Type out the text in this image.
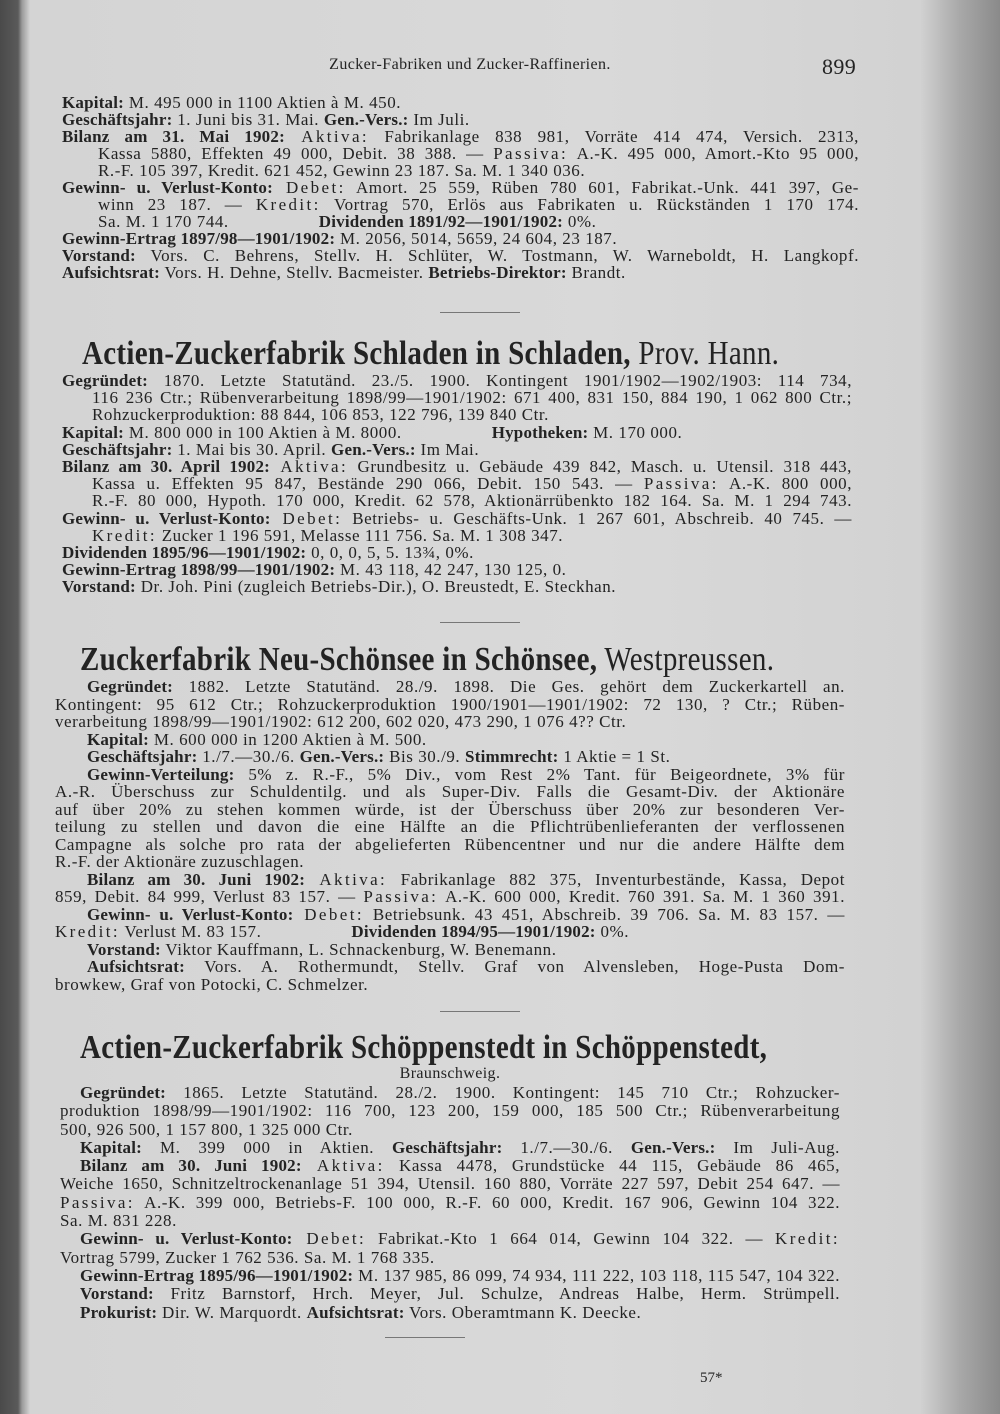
Zucker-Fabriken und Zucker-Raffinerien.	899
Kapital: M. 495 000 in 1100 Aktien à M. 450.
Geschäftsjahr: 1. Juni bis 31. Mai. Gen.-Vers.: Im Juli.
Bilanz am 31. Mai 1902: Aktiva: Fabrikanlage 838 981, Vorräte 414 474, Versich. 2313,
Kassa 5880, Effekten 49 000, Debit. 38 388. — Passiva: A.-K. 495 000, Amort.-Kto 95 000,
R.-F. 105 397, Kredit. 621 452, Gewinn 23 187. Sa. M. 1 340 036.
Gewinn- u. Verlust-Konto: Debet: Amort. 25 559, Rüben 780 601, Fabrikat.-Unk. 441 397, Ge-
winn 23 187. — Kredit: Vortrag 570, Erlös aus Fabrikaten u. Rückständen 1 170 174.
Sa. M. 1 170 744.	Dividenden 1891/92—1901/1902: 0%.
Gewinn-Ertrag 1897/98—1901/1902: M. 2056, 5014, 5659, 24 604, 23 187.
Vorstand: Vors. C. Behrens, Stellv. H. Schlüter, W. Tostmann, W. Warneboldt, H. Langkopf.
Aufsichtsrat: Vors. H. Dehne, Stellv. Bacmeister. Betriebs-Direktor: Brandt.
Actien-Zuckerfabrik Schladen in Schladen, Prov. Hann.
Gegründet: 1870. Letzte Statutänd. 23./5. 1900. Kontingent 1901/1902—1902/1903: 114 734,
116 236 Ctr.; Rübenverarbeitung 1898/99—1901/1902: 671 400, 831 150, 884 190, 1 062 800 Ctr.;
Rohzuckerproduktion: 88 844, 106 853, 122 796, 139 840 Ctr.
Kapital: M. 800 000 in 100 Aktien à M. 8000.	Hypotheken: M. 170 000.
Geschäftsjahr: 1. Mai bis 30. April. Gen.-Vers.: Im Mai.
Bilanz am 30. April 1902: Aktiva: Grundbesitz u. Gebäude 439 842, Masch. u. Utensil. 318 443,
Kassa u. Effekten 95 847, Bestände 290 066, Debit. 150 543. — Passiva: A.-K. 800 000,
R.-F. 80 000, Hypoth. 170 000, Kredit. 62 578, Aktionärrübenkto 182 164. Sa. M. 1 294 743.
Gewinn- u. Verlust-Konto: Debet: Betriebs- u. Geschäfts-Unk. 1 267 601, Abschreib. 40 745. —
Kredit: Zucker 1 196 591, Melasse 111 756. Sa. M. 1 308 347.
Dividenden 1895/96—1901/1902: 0, 0, 0, 5, 5. 13¾, 0%.
Gewinn-Ertrag 1898/99—1901/1902: M. 43 118, 42 247, 130 125, 0.
Vorstand: Dr. Joh. Pini (zugleich Betriebs-Dir.), O. Breustedt, E. Steckhan.
Zuckerfabrik Neu-Schönsee in Schönsee, Westpreussen.
Gegründet: 1882. Letzte Statutänd. 28./9. 1898. Die Ges. gehört dem Zuckerkartell an.
Kontingent: 95 612 Ctr.; Rohzuckerproduktion 1900/1901—1901/1902: 72 130, ? Ctr.; Rüben-
verarbeitung 1898/99—1901/1902: 612 200, 602 020, 473 290, 1 076 4?? Ctr.
Kapital: M. 600 000 in 1200 Aktien à M. 500.
Geschäftsjahr: 1./7.—30./6. Gen.-Vers.: Bis 30./9. Stimmrecht: 1 Aktie = 1 St.
Gewinn-Verteilung: 5% z. R.-F., 5% Div., vom Rest 2% Tant. für Beigeordnete, 3% für
A.-R. Überschuss zur Schuldentilg. und als Super-Div. Falls die Gesamt-Div. der Aktionäre
auf über 20% zu stehen kommen würde, ist der Überschuss über 20% zur besonderen Ver-
teilung zu stellen und davon die eine Hälfte an die Pflichtrübenlieferanten der verflossenen
Campagne als solche pro rata der abgelieferten Rübencentner und nur die andere Hälfte dem
R.-F. der Aktionäre zuzuschlagen.
Bilanz am 30. Juni 1902: Aktiva: Fabrikanlage 882 375, Inventurbestände, Kassa, Depot
859, Debit. 84 999, Verlust 83 157. — Passiva: A.-K. 600 000, Kredit. 760 391. Sa. M. 1 360 391.
Gewinn- u. Verlust-Konto: Debet: Betriebsunk. 43 451, Abschreib. 39 706. Sa. M. 83 157. —
Kredit: Verlust M. 83 157.	Dividenden 1894/95—1901/1902: 0%.
Vorstand: Viktor Kauffmann, L. Schnackenburg, W. Benemann.
Aufsichtsrat: Vors. A. Rothermundt, Stellv. Graf von Alvensleben, Hoge-Pusta Dom-
browkew, Graf von Potocki, C. Schmelzer.
Actien-Zuckerfabrik Schöppenstedt in Schöppenstedt,
Braunschweig.
Gegründet: 1865. Letzte Statutänd. 28./2. 1900. Kontingent: 145 710 Ctr.; Rohzucker-
produktion 1898/99—1901/1902: 116 700, 123 200, 159 000, 185 500 Ctr.; Rübenverarbeitung
500, 926 500, 1 157 800, 1 325 000 Ctr.
Kapital: M. 399 000 in Aktien. Geschäftsjahr: 1./7.—30./6. Gen.-Vers.: Im Juli-Aug.
Bilanz am 30. Juni 1902: Aktiva: Kassa 4478, Grundstücke 44 115, Gebäude 86 465,
Weiche 1650, Schnitzeltrockenanlage 51 394, Utensil. 160 880, Vorräte 227 597, Debit 254 647. —
Passiva: A.-K. 399 000, Betriebs-F. 100 000, R.-F. 60 000, Kredit. 167 906, Gewinn 104 322.
Sa. M. 831 228.
Gewinn- u. Verlust-Konto: Debet: Fabrikat.-Kto 1 664 014, Gewinn 104 322. — Kredit:
Vortrag 5799, Zucker 1 762 536. Sa. M. 1 768 335.
Gewinn-Ertrag 1895/96—1901/1902: M. 137 985, 86 099, 74 934, 111 222, 103 118, 115 547, 104 322.
Vorstand: Fritz Barnstorf, Hrch. Meyer, Jul. Schulze, Andreas Halbe, Herm. Strümpell.
Prokurist: Dir. W. Marquordt. Aufsichtsrat: Vors. Oberamtmann K. Deecke.
57*
